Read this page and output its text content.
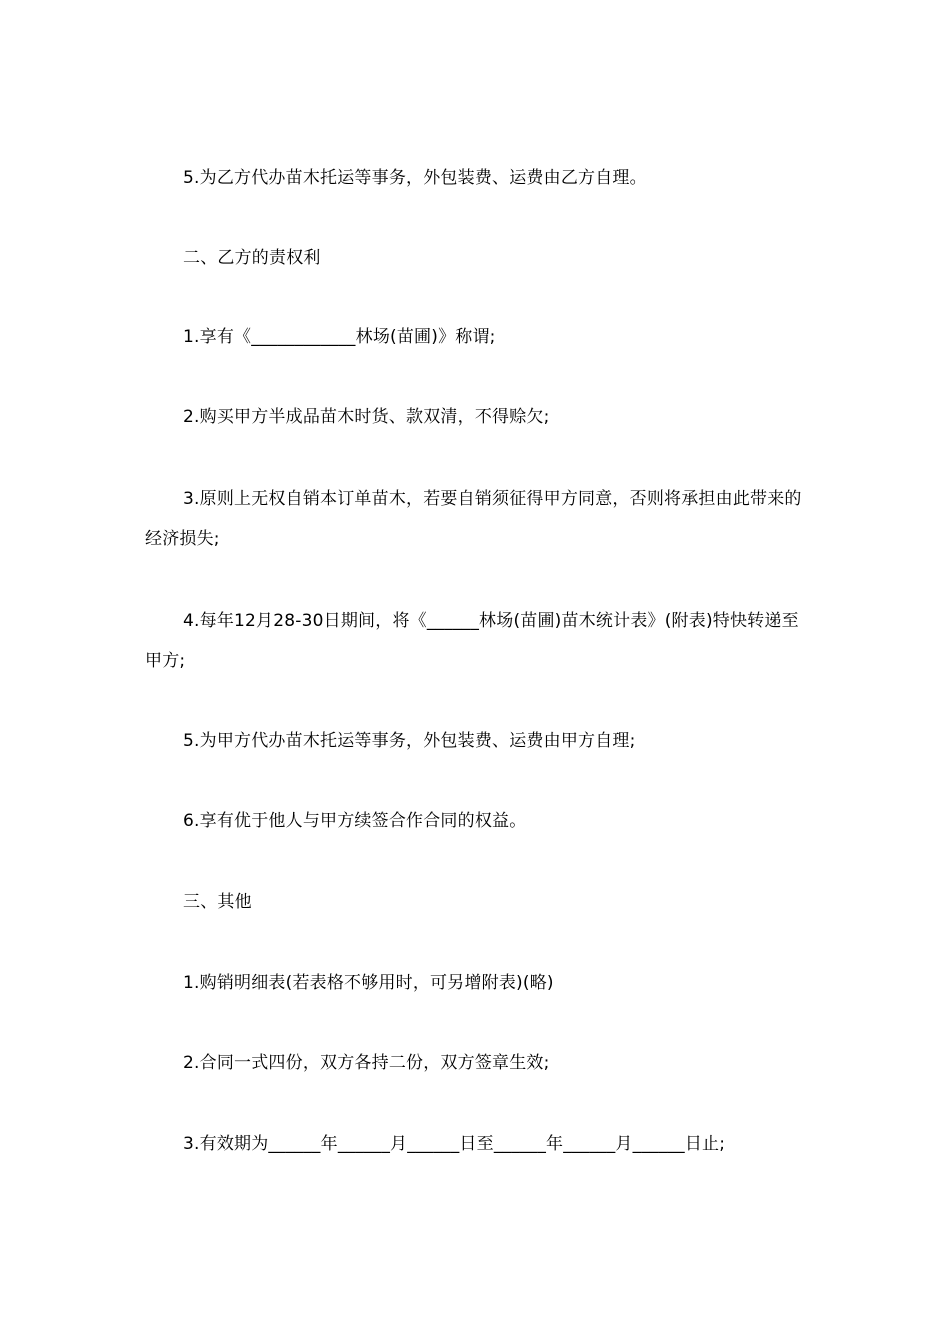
5.为乙方代办苗木托运等事务，外包装费、运费由乙方自理。

二、乙方的责权利

1.享有《____________林场(苗圃)》称谓;

2.购买甲方半成品苗木时货、款双清，不得赊欠;

3.原则上无权自销本订单苗木，若要自销须征得甲方同意，否则将承担由此带来的经济损失;

4.每年12月28-30日期间，将《______林场(苗圃)苗木统计表》(附表)特快转递至甲方;

5.为甲方代办苗木托运等事务，外包装费、运费由甲方自理;

6.享有优于他人与甲方续签合作合同的权益。

三、其他

1.购销明细表(若表格不够用时，可另增附表)(略)

2.合同一式四份，双方各持二份，双方签章生效;

3.有效期为______年______月______日至______年______月______日止;
